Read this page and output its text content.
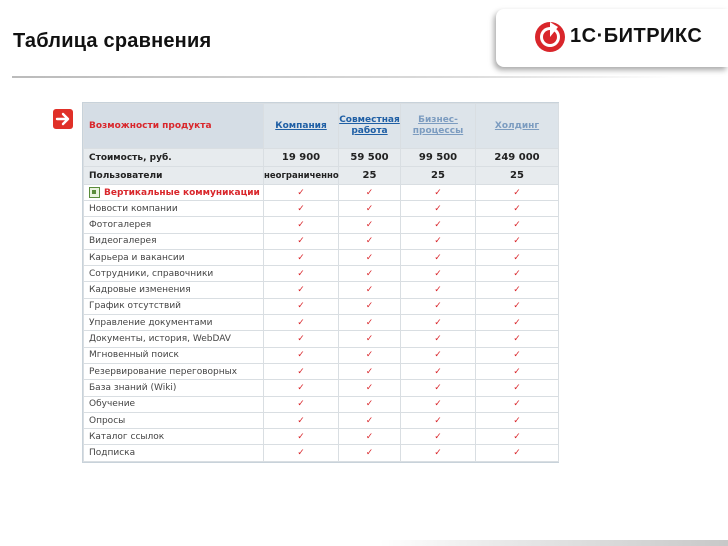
Таблица сравнения	1С·БИТРИКС
Возможности продукта	Компания	Совместная работа	Бизнес-процессы	Холдинг
Стоимость, руб.	19 900	59 500	99 500	249 000
Пользователи	неограниченно	25	25	25
Вертикальные коммуникации	✓	✓	✓	✓
Новости компании	✓	✓	✓	✓
Фотогалерея	✓	✓	✓	✓
Видеогалерея	✓	✓	✓	✓
Карьера и вакансии	✓	✓	✓	✓
Сотрудники, справочники	✓	✓	✓	✓
Кадровые изменения	✓	✓	✓	✓
График отсутствий	✓	✓	✓	✓
Управление документами	✓	✓	✓	✓
Документы, история, WebDAV	✓	✓	✓	✓
Мгновенный поиск	✓	✓	✓	✓
Резервирование переговорных	✓	✓	✓	✓
База знаний (Wiki)	✓	✓	✓	✓
Обучение	✓	✓	✓	✓
Опросы	✓	✓	✓	✓
Каталог ссылок	✓	✓	✓	✓
Подписка	✓	✓	✓	✓
